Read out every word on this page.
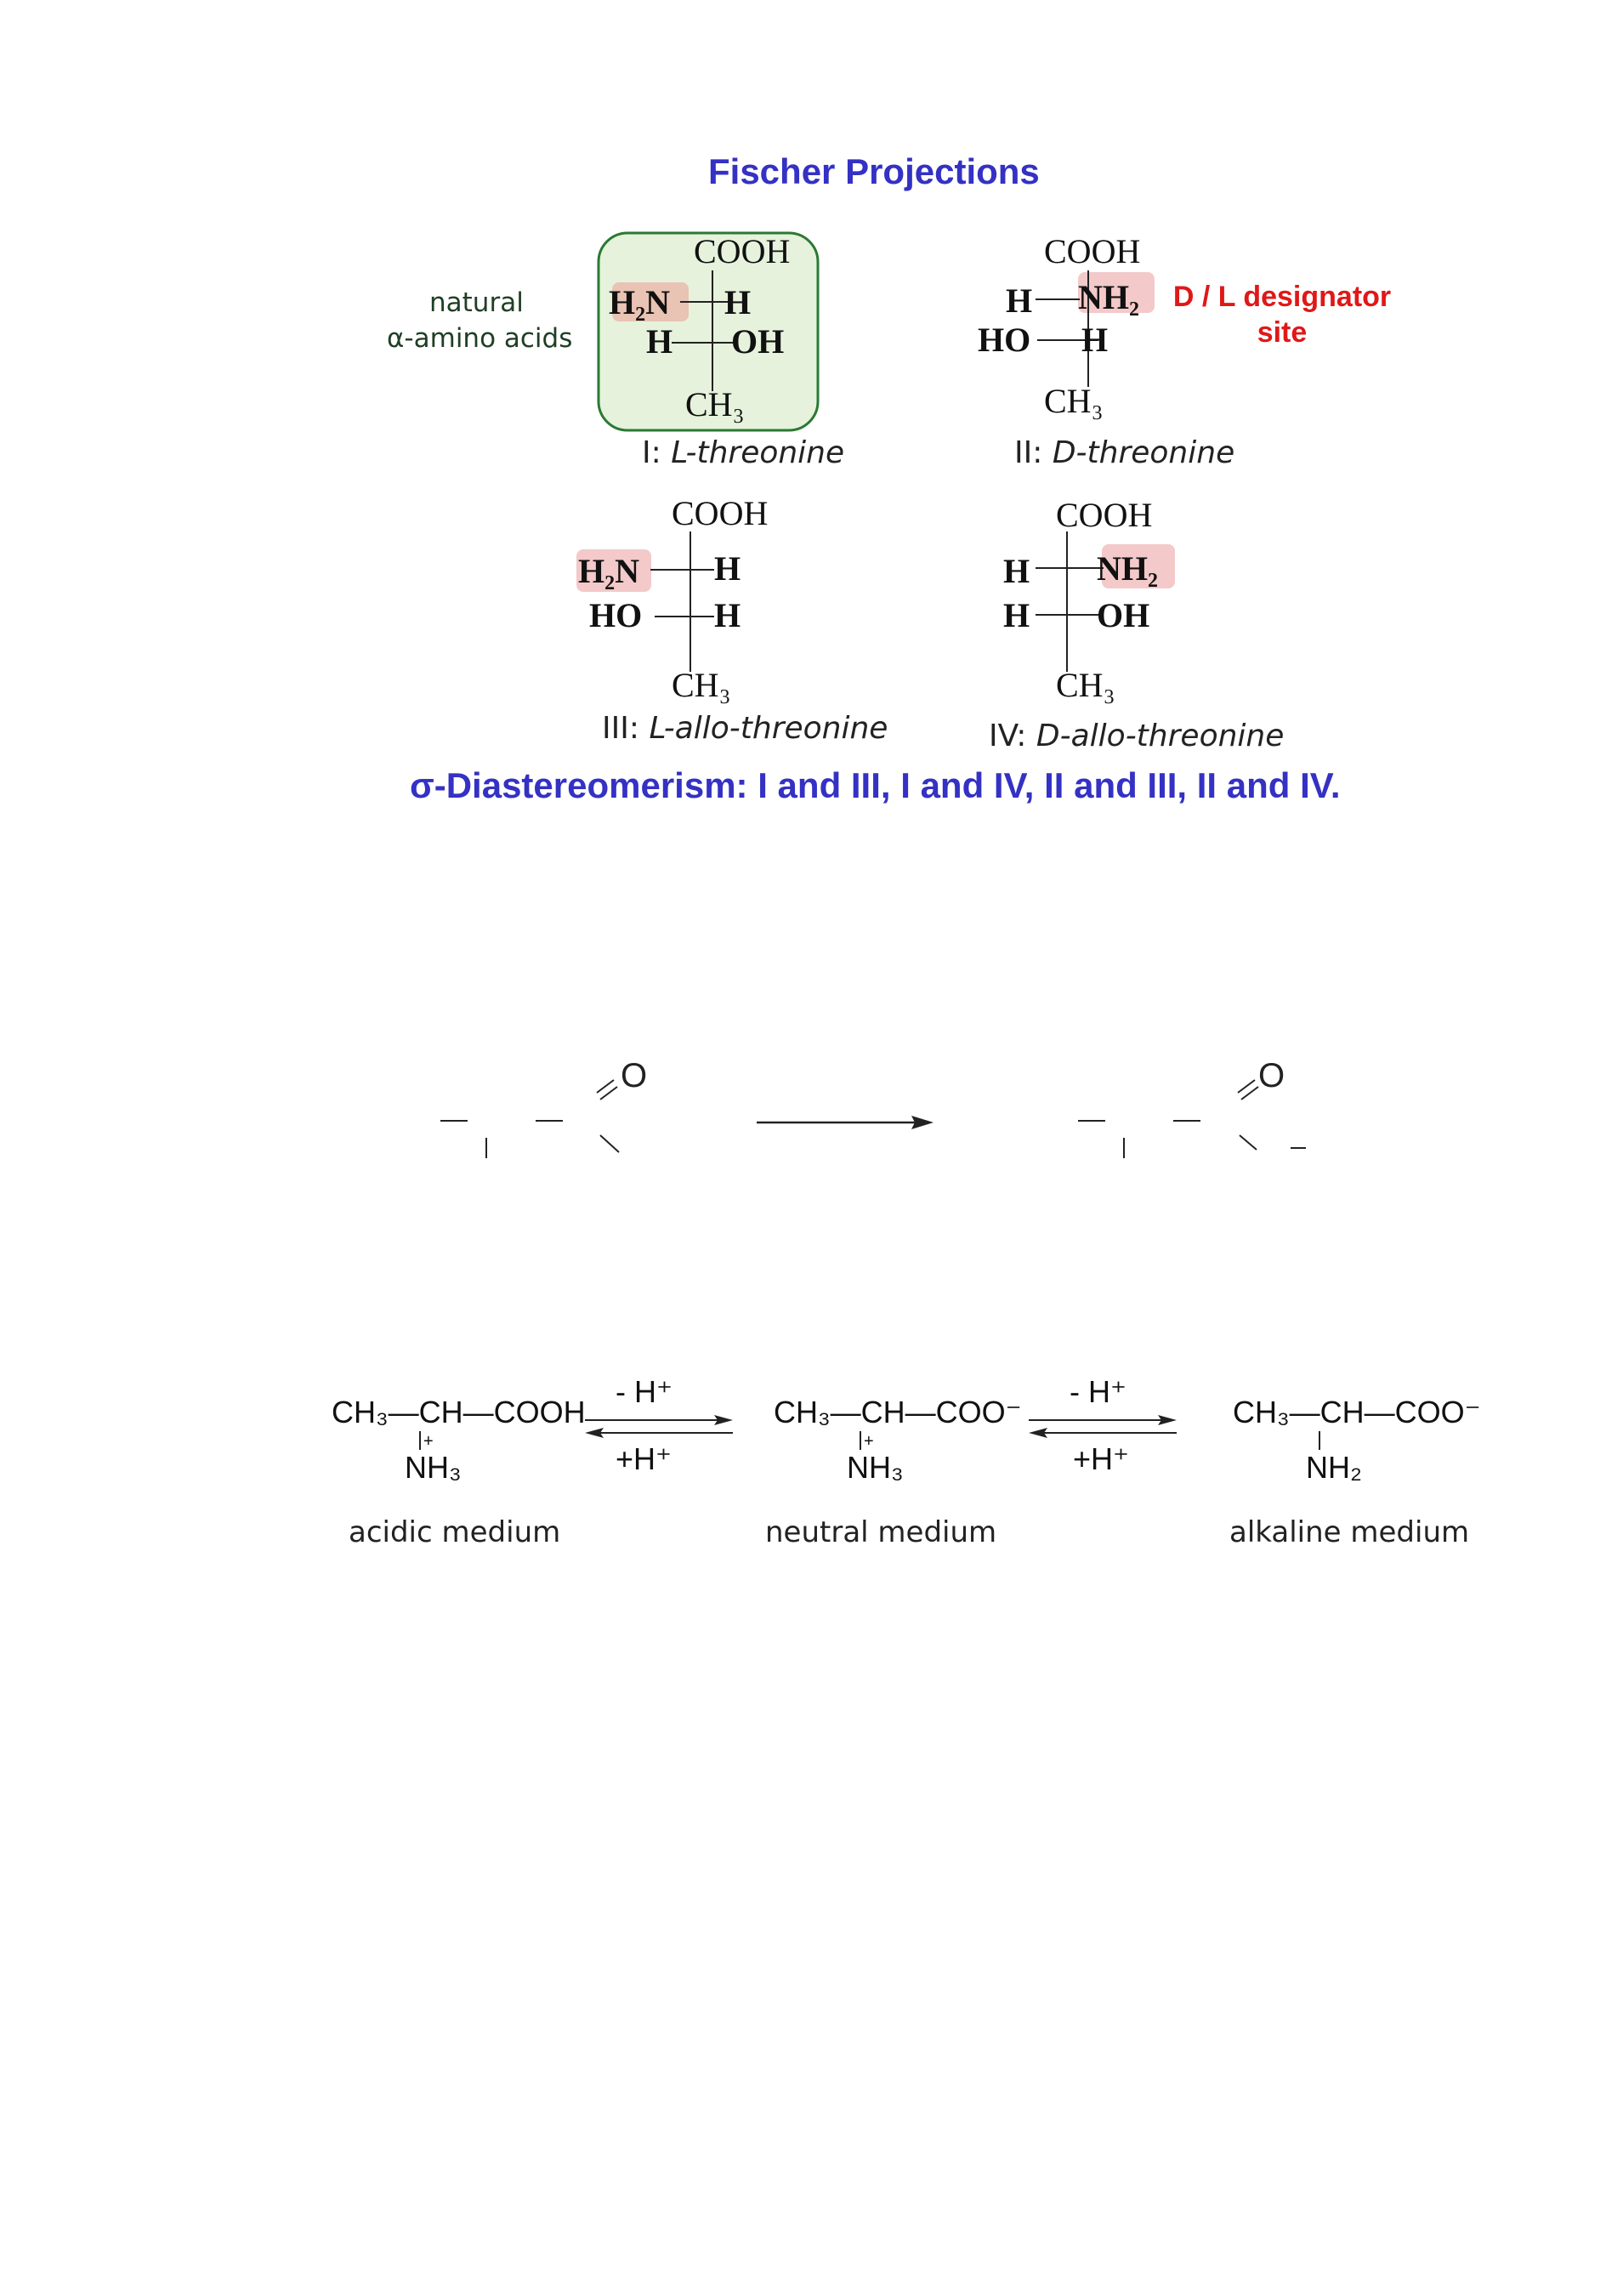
Fischer Projections
natural
α-amino acids
D / L designator
site
COOH
H₂N H
H OH
CH₃
I: L-threonine
COOH
H NH₂
HO H
CH₃
II: D-threonine
COOH
H₂N H
HO H
CH₃
III: L-allo-threonine
COOH
H NH₂
H OH
CH₃
IV: D-allo-threonine
σ-Diastereomerism: I and III, I and IV, II and III, II and IV.
O	O
CH₃—CH—COOH
+
NH₃
acidic medium
- H⁺
+H⁺
CH₃—CH—COO⁻
+
NH₃
neutral medium
- H⁺
+H⁺
CH₃—CH—COO⁻
NH₂
alkaline medium
